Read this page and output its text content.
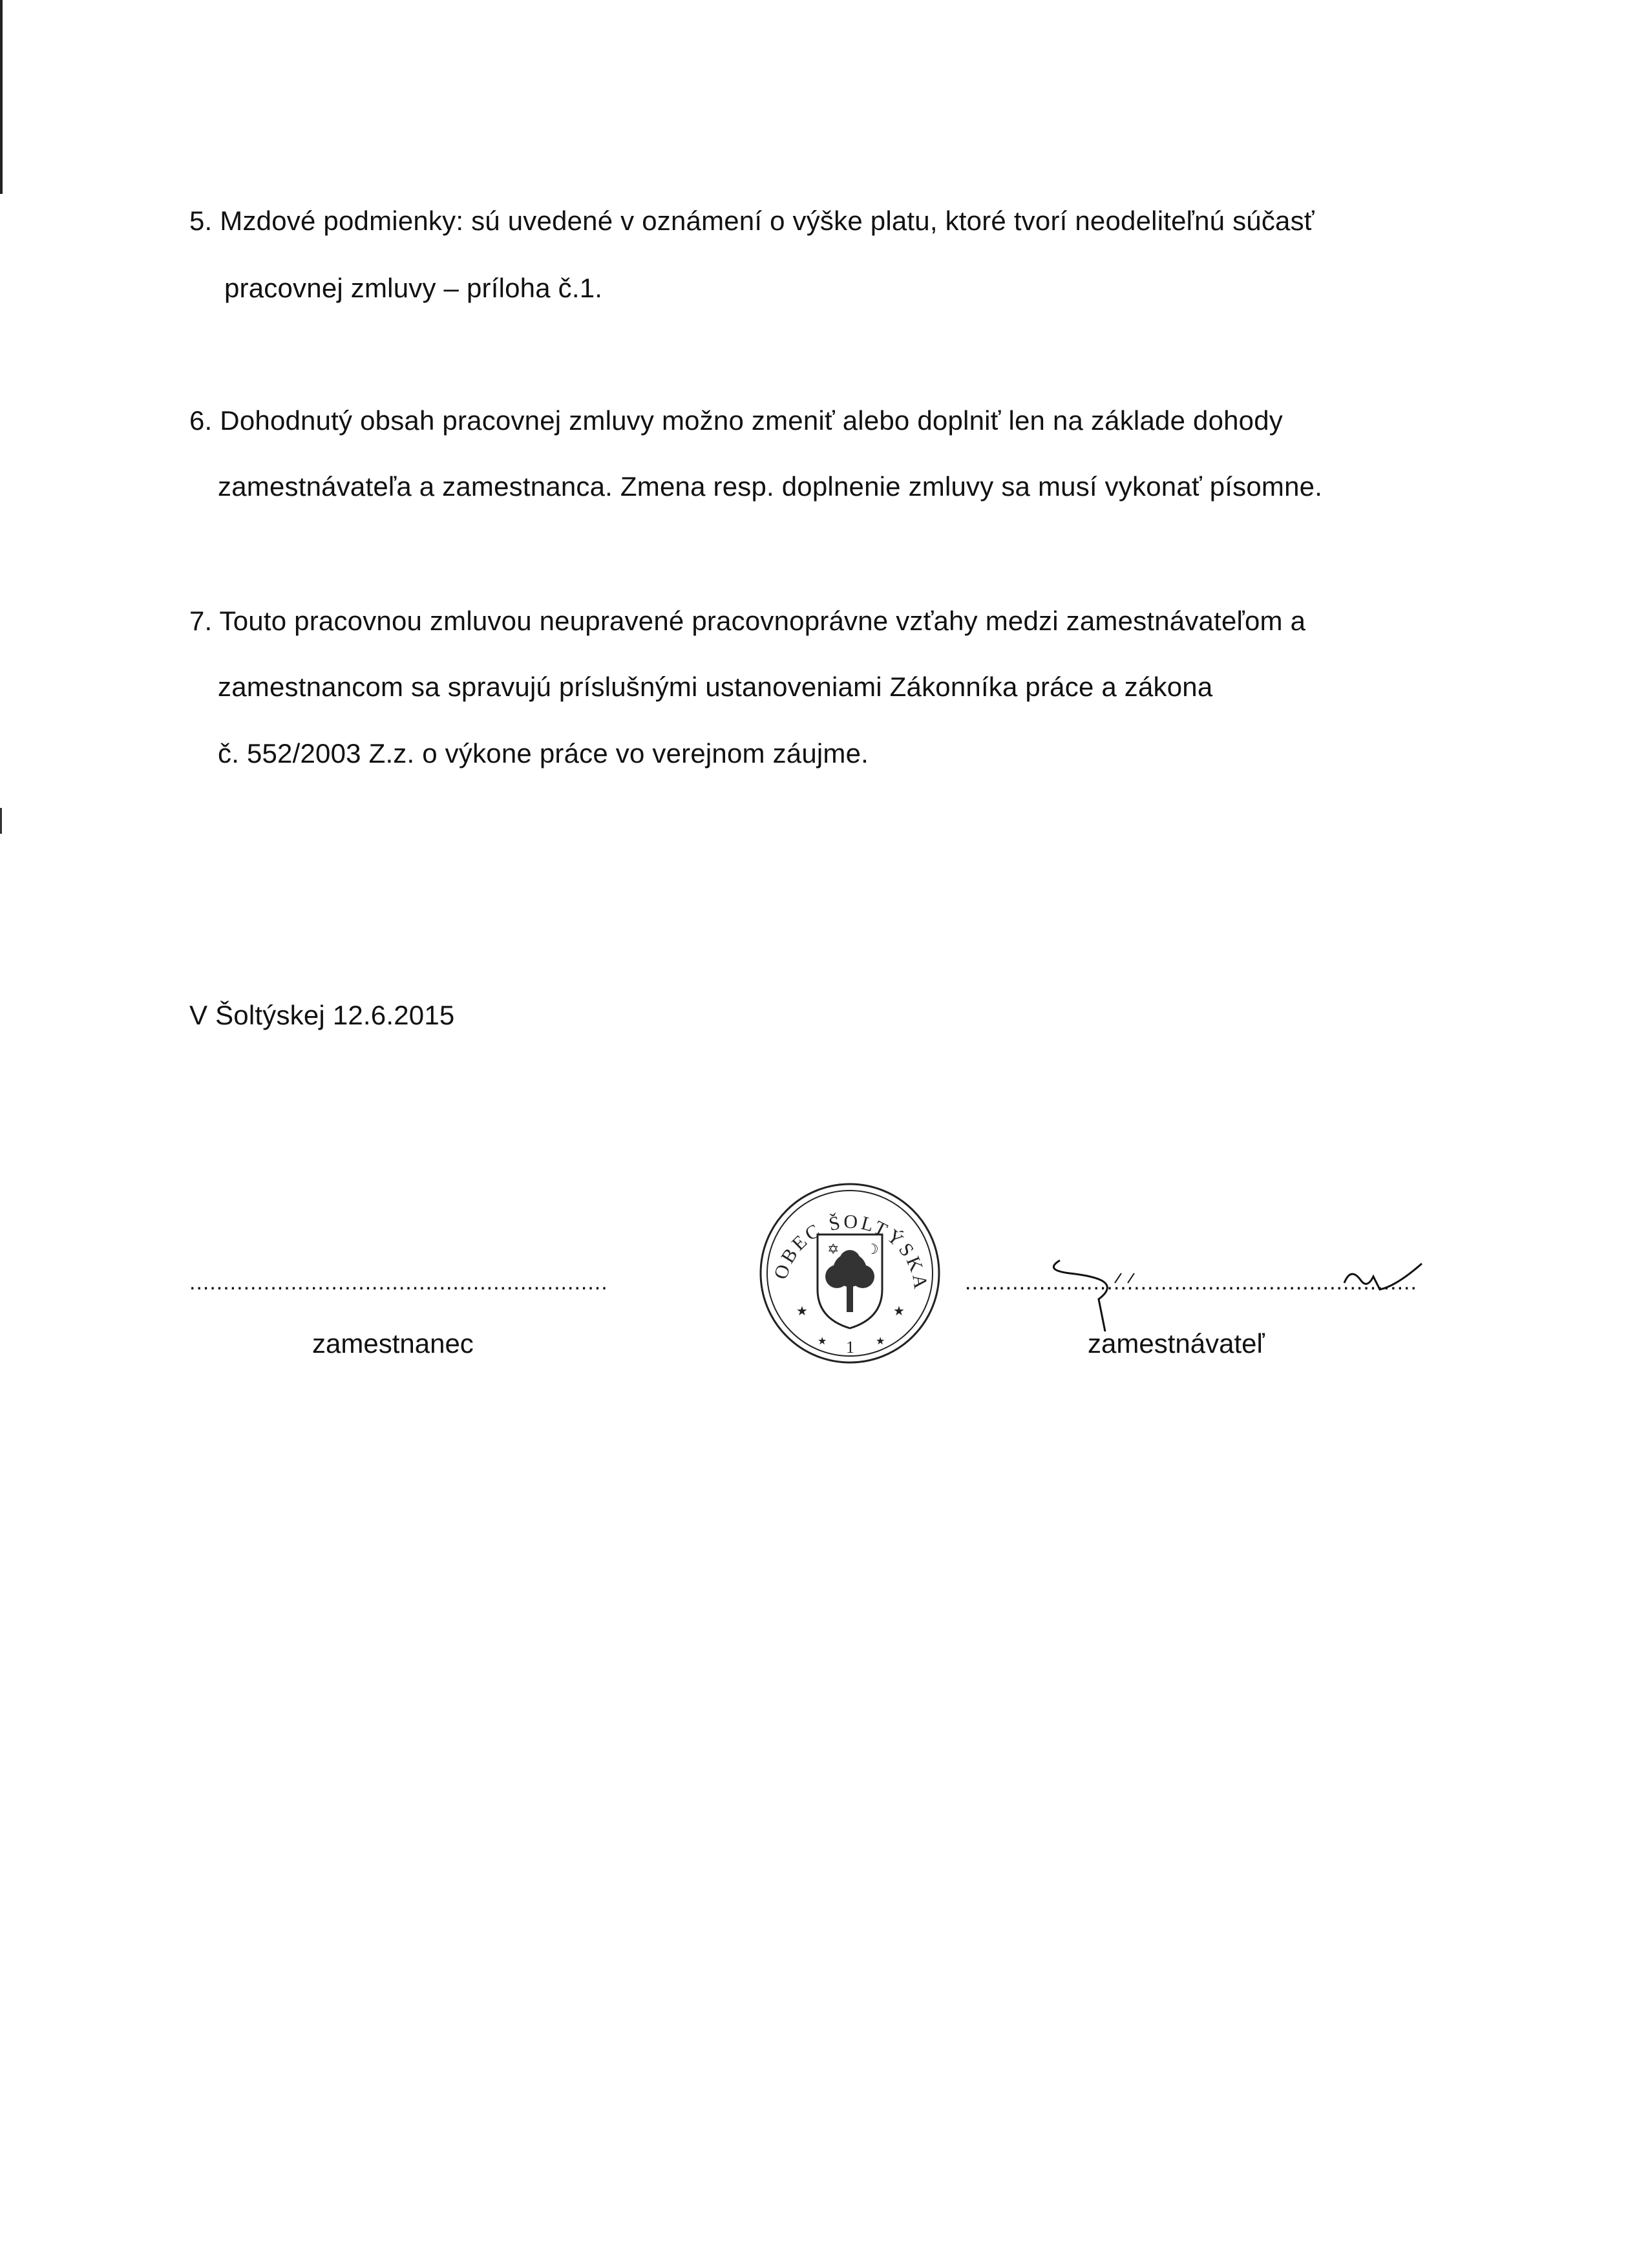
5. Mzdové podmienky: sú uvedené v oznámení o výške platu, ktoré tvorí neodeliteľnú súčasť
pracovnej zmluvy – príloha č.1.
6. Dohodnutý obsah pracovnej zmluvy možno zmeniť alebo doplniť len na základe dohody
zamestnávateľa a zamestnanca. Zmena resp. doplnenie zmluvy sa musí vykonať písomne.
7. Touto pracovnou zmluvou neupravené pracovnoprávne vzťahy medzi zamestnávateľom a
zamestnancom sa spravujú príslušnými ustanoveniami Zákonníka práce a zákona
č. 552/2003 Z.z. o výkone práce vo verejnom záujme.
V Šoltýskej 12.6.2015
..............................................................
zamestnanec
OBEC ŠOLTÝSKA
✡ ☽
★	★
★	★
1
...................................................................
zamestnávateľ
